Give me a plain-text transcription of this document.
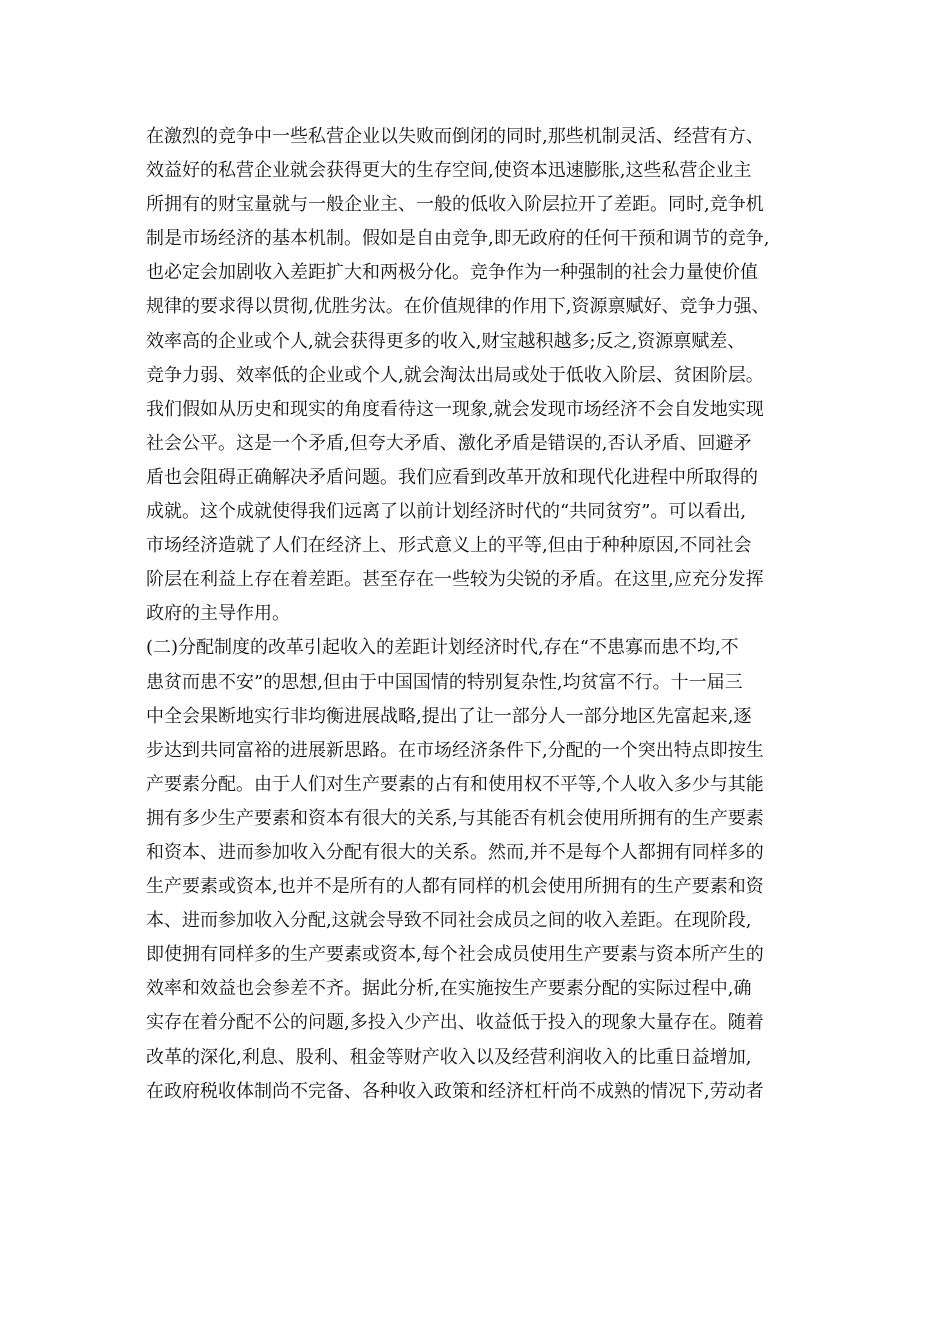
在激烈的竞争中一些私营企业以失败而倒闭的同时,那些机制灵活、经营有方、
效益好的私营企业就会获得更大的生存空间,使资本迅速膨胀,这些私营企业主
所拥有的财宝量就与一般企业主、一般的低收入阶层拉开了差距。同时,竞争机
制是市场经济的基本机制。假如是自由竞争,即无政府的任何干预和调节的竞争,
也必定会加剧收入差距扩大和两极分化。竞争作为一种强制的社会力量使价值
规律的要求得以贯彻,优胜劣汰。在价值规律的作用下,资源禀赋好、竞争力强、
效率高的企业或个人,就会获得更多的收入,财宝越积越多;反之,资源禀赋差、
竞争力弱、效率低的企业或个人,就会淘汰出局或处于低收入阶层、贫困阶层。
我们假如从历史和现实的角度看待这一现象,就会发现市场经济不会自发地实现
社会公平。这是一个矛盾,但夸大矛盾、激化矛盾是错误的,否认矛盾、回避矛
盾也会阻碍正确解决矛盾问题。我们应看到改革开放和现代化进程中所取得的
成就。这个成就使得我们远离了以前计划经济时代的“共同贫穷”。可以看出,
市场经济造就了人们在经济上、形式意义上的平等,但由于种种原因,不同社会
阶层在利益上存在着差距。甚至存在一些较为尖锐的矛盾。在这里,应充分发挥
政府的主导作用。
(二)分配制度的改革引起收入的差距计划经济时代,存在“不患寡而患不均,不
患贫而患不安”的思想,但由于中国国情的特别复杂性,均贫富不行。十一届三
中全会果断地实行非均衡进展战略,提出了让一部分人一部分地区先富起来,逐
步达到共同富裕的进展新思路。在市场经济条件下,分配的一个突出特点即按生
产要素分配。由于人们对生产要素的占有和使用权不平等,个人收入多少与其能
拥有多少生产要素和资本有很大的关系,与其能否有机会使用所拥有的生产要素
和资本、进而参加收入分配有很大的关系。然而,并不是每个人都拥有同样多的
生产要素或资本,也并不是所有的人都有同样的机会使用所拥有的生产要素和资
本、进而参加收入分配,这就会导致不同社会成员之间的收入差距。在现阶段,
即使拥有同样多的生产要素或资本,每个社会成员使用生产要素与资本所产生的
效率和效益也会参差不齐。据此分析,在实施按生产要素分配的实际过程中,确
实存在着分配不公的问题,多投入少产出、收益低于投入的现象大量存在。随着
改革的深化,利息、股利、租金等财产收入以及经营利润收入的比重日益增加,
在政府税收体制尚不完备、各种收入政策和经济杠杆尚不成熟的情况下,劳动者
